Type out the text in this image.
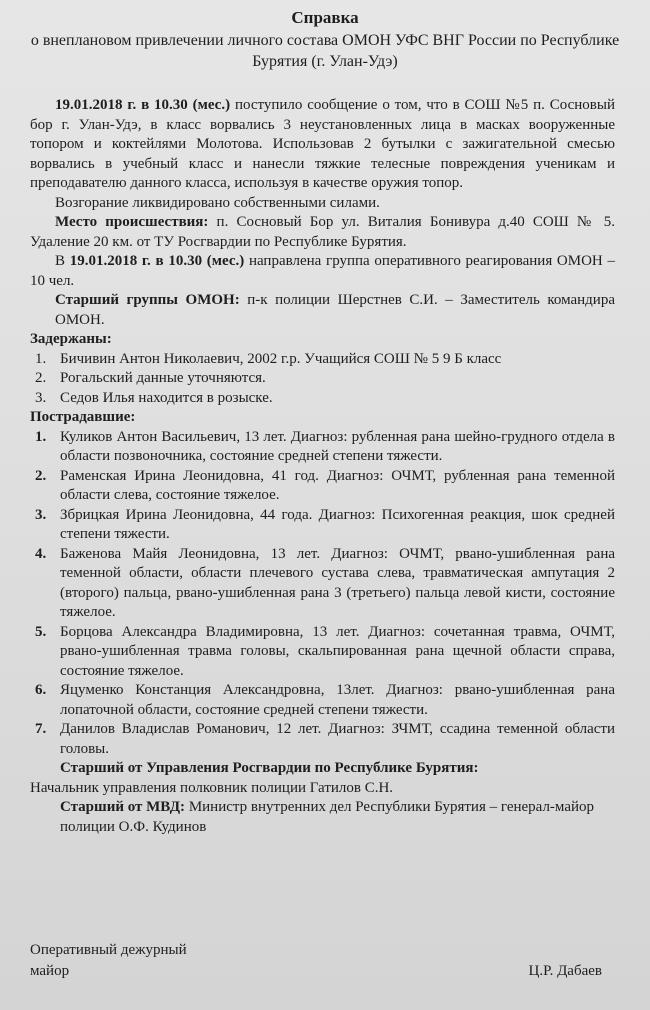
Справка
о внеплановом привлечении личного состава ОМОН УФС ВНГ России по Республике Бурятия (г. Улан-Удэ)

19.01.2018 г. в 10.30 (мес.) поступило сообщение о том, что в СОШ №5 п. Сосновый бор г. Улан-Удэ, в класс ворвались 3 неустановленных лица в масках вооруженные топором и коктейлями Молотова. Использовав 2 бутылки с зажигательной смесью ворвались в учебный класс и нанесли тяжкие телесные повреждения ученикам и преподавателю данного класса, используя в качестве оружия топор.

Возгорание ликвидировано собственными силами.

Место происшествия: п. Сосновый Бор ул. Виталия Бонивура д.40 СОШ № 5. Удаление 20 км. от ТУ Росгвардии по Республике Бурятия.

В 19.01.2018 г. в 10.30 (мес.) направлена группа оперативного реагирования ОМОН – 10 чел.

Старший группы ОМОН: п-к полиции Шерстнев С.И. – Заместитель командира ОМОН.

Задержаны:

1. Бичивин Антон Николаевич, 2002 г.р. Учащийся СОШ № 5 9 Б класс
2. Рогальский данные уточняются.
3. Седов Илья находится в розыске.

Пострадавшие:

1. Куликов Антон Васильевич, 13 лет. Диагноз: рубленная рана шейно-грудного отдела в области позвоночника, состояние средней степени тяжести.
2. Раменская Ирина Леонидовна, 41 год. Диагноз: ОЧМТ, рубленная рана теменной области слева, состояние тяжелое.
3. Збрицкая Ирина Леонидовна, 44 года. Диагноз: Психогенная реакция, шок средней степени тяжести.
4. Баженова Майя Леонидовна, 13 лет. Диагноз: ОЧМТ, рвано-ушибленная рана теменной области, области плечевого сустава слева, травматическая ампутация 2 (второго) пальца, рвано-ушибленная рана 3 (третьего) пальца левой кисти, состояние тяжелое.
5. Борцова Александра Владимировна, 13 лет. Диагноз: сочетанная травма, ОЧМТ, рвано-ушибленная травма головы, скальпированная рана щечной области справа, состояние тяжелое.
6. Яцуменко Констанция Александровна, 13лет. Диагноз: рвано-ушибленная рана лопаточной области, состояние средней степени тяжести.
7. Данилов Владислав Романович, 12 лет. Диагноз: ЗЧМТ, ссадина теменной области головы.

Старший от Управления Росгвардии по Республике Бурятия:

Начальник управления полковник полиции Гатилов С.Н.

Старший от МВД: Министр внутренних дел Республики Бурятия – генерал-майор полиции О.Ф. Кудинов

Оперативный дежурный
майор	Ц.Р. Дабаев
